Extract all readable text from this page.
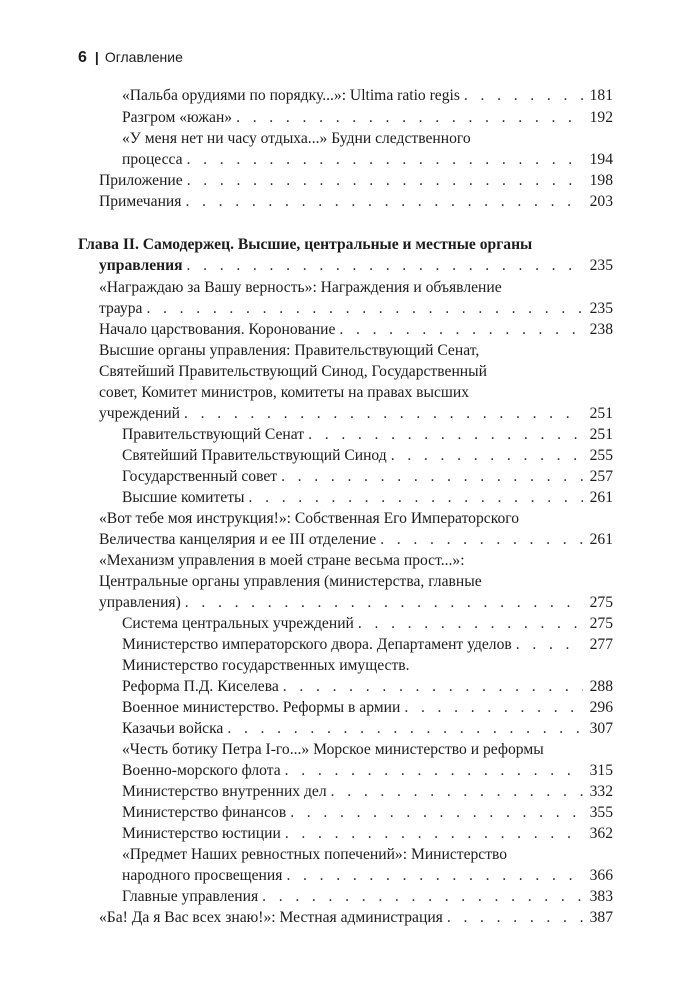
6 | Оглавление
«Пальба орудиями по порядку...»: Ultima ratio regis . . .	181
Разгром «южан» . . .	192
«У меня нет ни часу отдыха...» Будни следственного
процесса . . .	194
Приложение . . .	198
Примечания . . .	203
Глава II. Самодержец. Высшие, центральные и местные органы
управления . . .	235
«Награждаю за Вашу верность»: Награждения и объявление
траура . . .	235
Начало царствования. Коронование . . .	238
Высшие органы управления: Правительствующий Сенат,
Святейший Правительствующий Синод, Государственный
совет, Комитет министров, комитеты на правах высших
учреждений . . .	251
Правительствующий Сенат . . .	251
Святейший Правительствующий Синод . . .	255
Государственный совет . . .	257
Высшие комитеты . . .	261
«Вот тебе моя инструкция!»: Собственная Его Императорского
Величества канцелярия и ее III отделение . . .	261
«Механизм управления в моей стране весьма прост...»:
Центральные органы управления (министерства, главные
управления) . . .	275
Система центральных учреждений . . .	275
Министерство императорского двора. Департамент уделов . . .	277
Министерство государственных имуществ.
Реформа П.Д. Киселева . . .	288
Военное министерство. Реформы в армии . . .	296
Казачьи войска . . .	307
«Честь ботику Петра I-го...» Морское министерство и реформы
Военно-морского флота . . .	315
Министерство внутренних дел . . .	332
Министерство финансов . . .	355
Министерство юстиции . . .	362
«Предмет Наших ревностных попечений»: Министерство
народного просвещения . . .	366
Главные управления . . .	383
«Ба! Да я Вас всех знаю!»: Местная администрация . . .	387
